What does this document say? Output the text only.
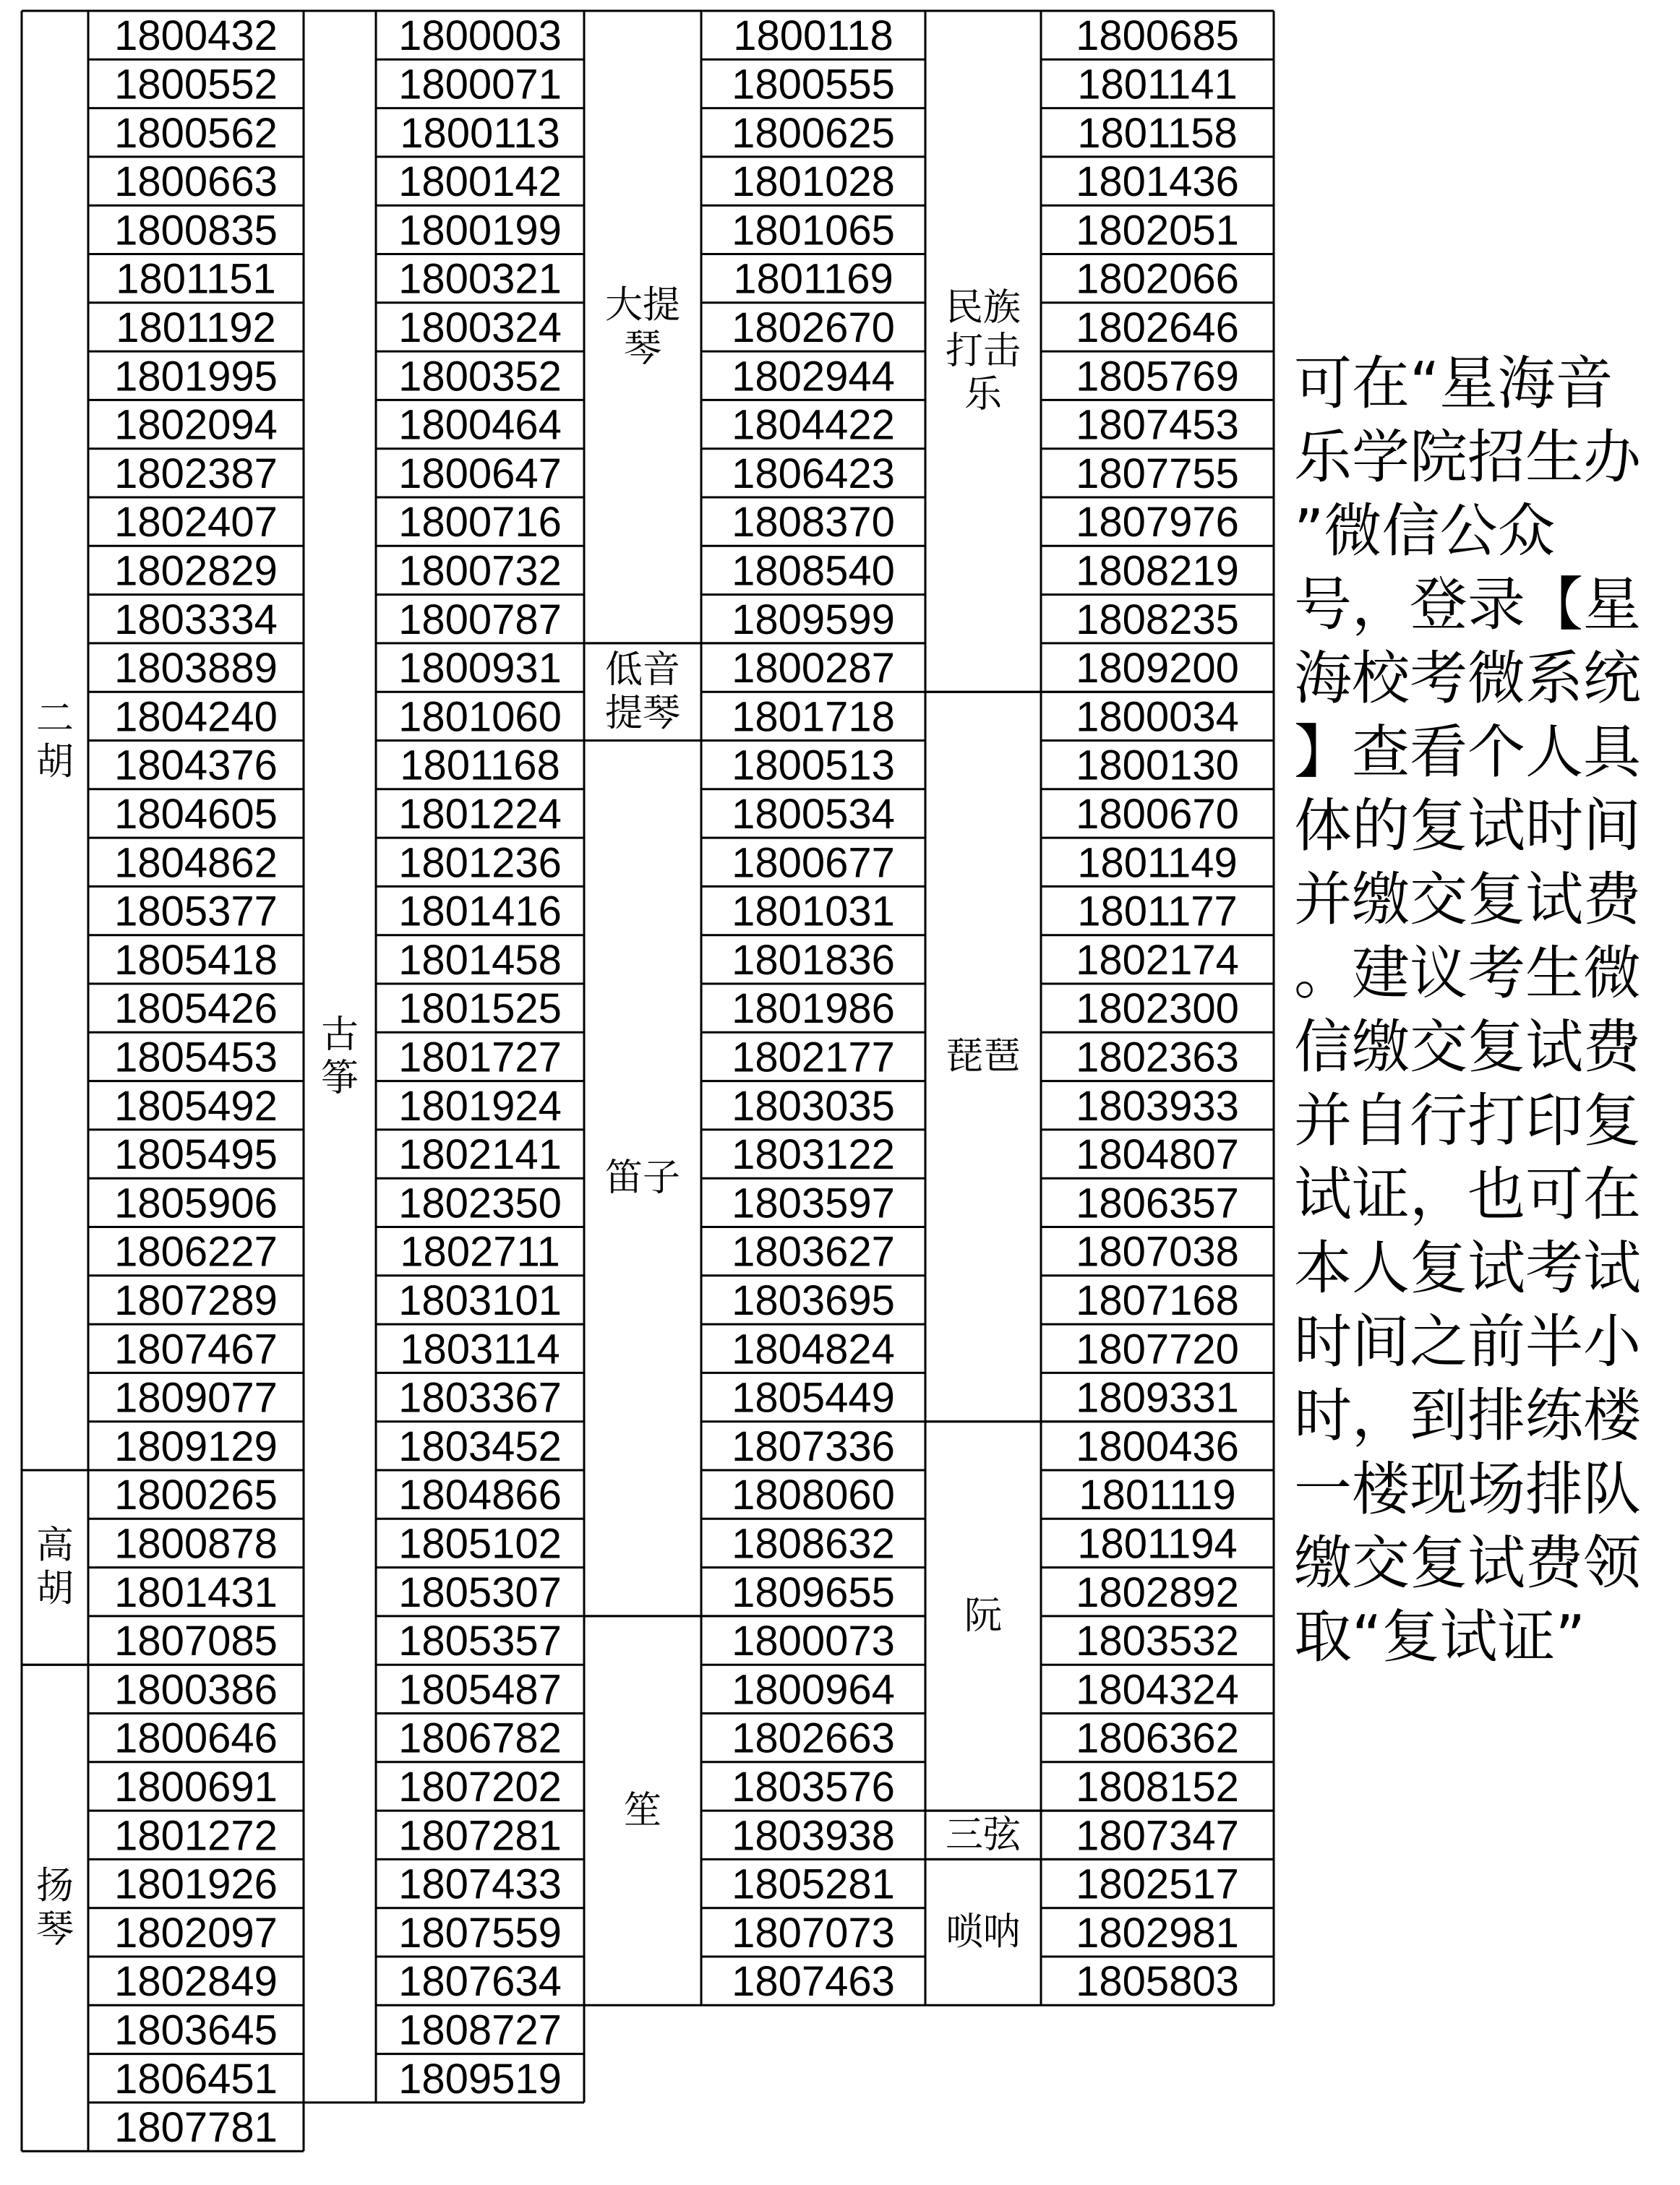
二
胡
1800432
1800552
1800562
1800663
1800835
1801151
1801192
1801995
1802094
1802387
1802407
1802829
1803334
1803889
1804240
1804376
1804605
1804862
1805377
1805418
1805426
1805453
1805492
1805495
1805906
1806227
1807289
1807467
1809077
1809129
高
胡
1800265
1800878
1801431
1807085
扬
琴
1800386
1800646
1800691
1801272
1801926
1802097
1802849
1803645
1806451
1807781
古
筝
1800003
1800071
1800113
1800142
1800199
1800321
1800324
1800352
1800464
1800647
1800716
1800732
1800787
1800931
1801060
1801168
1801224
1801236
1801416
1801458
1801525
1801727
1801924
1802141
1802350
1802711
1803101
1803114
1803367
1803452
1804866
1805102
1805307
1805357
1805487
1806782
1807202
1807281
1807433
1807559
1807634
1808727
1809519
大提
琴
1800118
1800555
1800625
1801028
1801065
1801169
1802670
1802944
1804422
1806423
1808370
1808540
1809599
低音
提琴
1800287
1801718
笛子
1800513
1800534
1800677
1801031
1801836
1801986
1802177
1803035
1803122
1803597
1803627
1803695
1804824
1805449
1807336
1808060
1808632
1809655
笙
1800073
1800964
1802663
1803576
1803938
1805281
1807073
1807463
民族
打击
乐
1800685
1801141
1801158
1801436
1802051
1802066
1802646
1805769
1807453
1807755
1807976
1808219
1808235
1809200
琵琶
1800034
1800130
1800670
1801149
1801177
1802174
1802300
1802363
1803933
1804807
1806357
1807038
1807168
1807720
1809331
阮
1800436
1801119
1801194
1802892
1803532
1804324
1806362
1808152
三弦 1807347
唢呐
1802517
1802981
1805803
可在“星海音
乐学院招生办
”微信公众
号，登录【星
海校考微系统
】查看个人具
体的复试时间
并缴交复试费
。建议考生微
信缴交复试费
并自行打印复
试证，也可在
本人复试考试
时间之前半小
时，到排练楼
一楼现场排队
缴交复试费领
取“复试证”
